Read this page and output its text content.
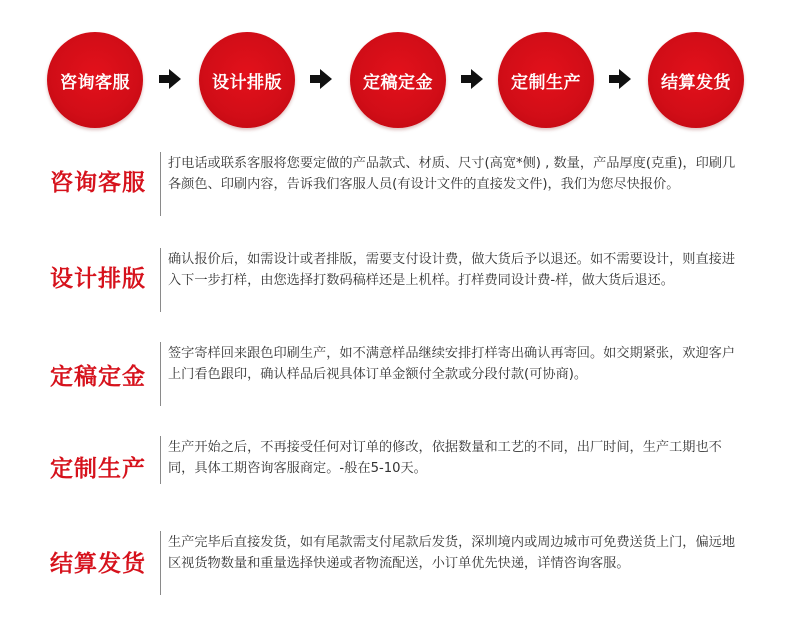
咨询客服	设计排版	定稿定金	定制生产	结算发货
咨询客服
打电话或联系客服将您要定做的产品款式、材质、尺寸(高宽*侧) , 数量，产品厚度(克重)，印刷几各颜色、印刷内容，告诉我们客服人员(有设计文件的直接发文件)，我们为您尽快报价。
设计排版
确认报价后，如需设计或者排版，需要支付设计费，做大货后予以退还。如不需要设计，则直接进入下一步打样，由您选择打数码稿样还是上机样。打样费同设计费-样，做大货后退还。
定稿定金
签字寄样回来跟色印刷生产，如不满意样品继续安排打样寄出确认再寄回。如交期紧张，欢迎客户上门看色跟印，确认样品后视具体订单金额付全款或分段付款(可协商)。
定制生产
生产开始之后，不再接受任何对订单的修改，依据数量和工艺的不同，出厂时间，生产工期也不同，具体工期咨询客服商定。-般在5-10天。
结算发货
生产完毕后直接发货，如有尾款需支付尾款后发货，深圳境内或周边城市可免费送货上门，偏远地区视货物数量和重量选择快递或者物流配送，小订单优先快递，详情咨询客服。
